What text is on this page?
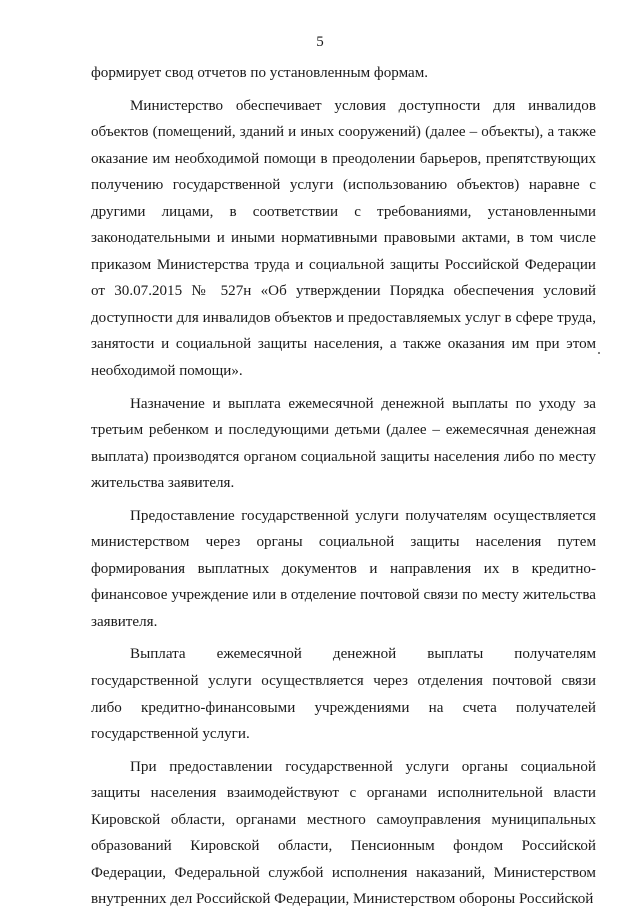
5

формирует свод отчетов по установленным формам.

Министерство обеспечивает условия доступности для инвалидов объектов (помещений, зданий и иных сооружений) (далее – объекты), а также оказание им необходимой помощи в преодолении барьеров, препятствующих получению государственной услуги (использованию объектов) наравне с другими лицами, в соответствии с требованиями, установленными законодательными и иными нормативными правовыми актами, в том числе приказом Министерства труда и социальной защиты Российской Федерации от 30.07.2015 № 527н «Об утверждении Порядка обеспечения условий доступности для инвалидов объектов и предоставляемых услуг в сфере труда, занятости и социальной защиты населения, а также оказания им при этом необходимой помощи».

Назначение и выплата ежемесячной денежной выплаты по уходу за третьим ребенком и последующими детьми (далее – ежемесячная денежная выплата) производятся органом социальной защиты населения либо по месту жительства заявителя.

Предоставление государственной услуги получателям осуществляется министерством через органы социальной защиты населения путем формирования выплатных документов и направления их в кредитно-финансовое учреждение или в отделение почтовой связи по месту жительства заявителя.

Выплата ежемесячной денежной выплаты получателям государственной услуги осуществляется через отделения почтовой связи либо кредитно-финансовыми учреждениями на счета получателей государственной услуги.

При предоставлении государственной услуги органы социальной защиты населения взаимодействуют с органами исполнительной власти Кировской области, органами местного самоуправления муниципальных образований Кировской области, Пенсионным фондом Российской Федерации, Федеральной службой исполнения наказаний, Министерством внутренних дел Российской Федерации, Министерством обороны Российской
